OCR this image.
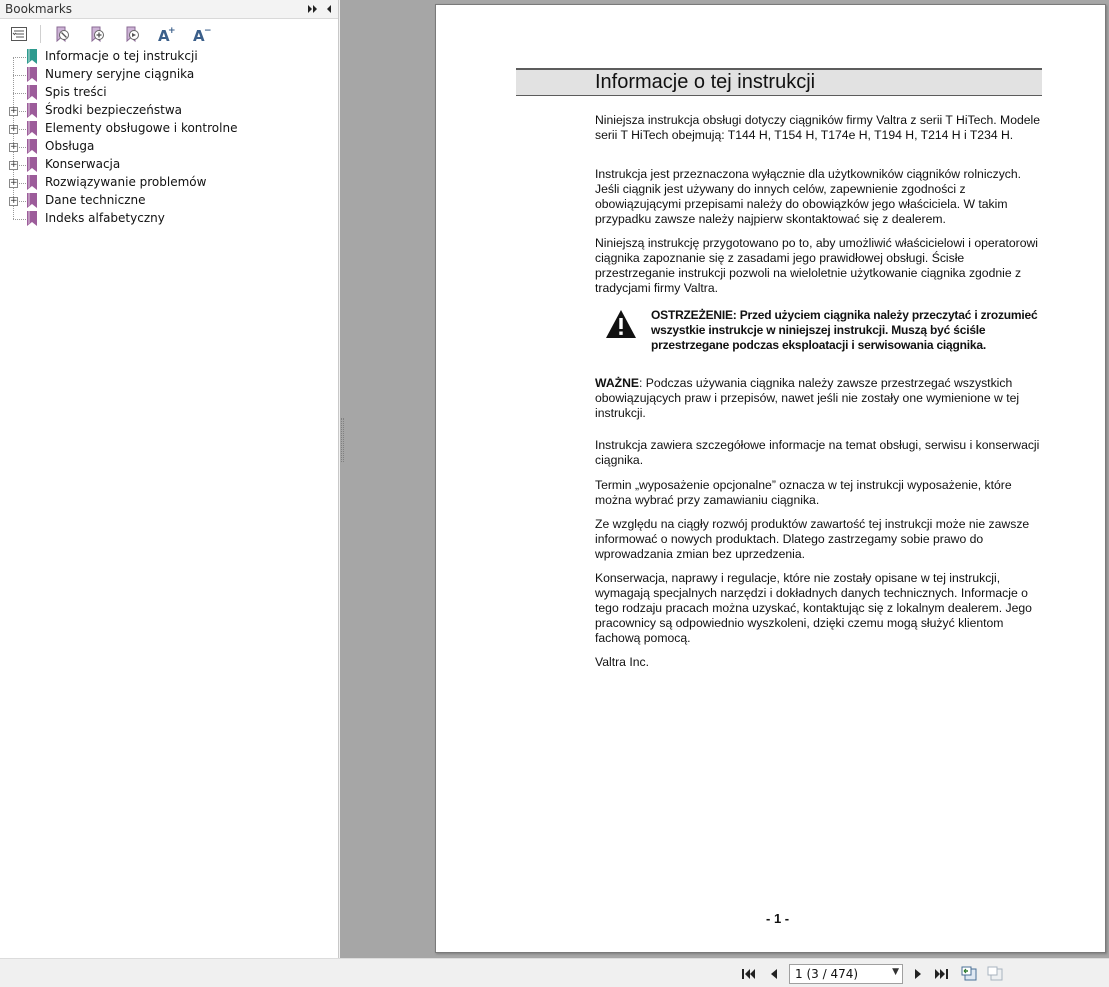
Bookmarks
A
+ A −
Informacje o tej instrukcji
Numery seryjne ciągnika
Spis treści
+ Środki bezpieczeństwa
+ Elementy obsługowe i kontrolne
+ Obsługa
+ Konserwacja
+ Rozwiązywanie problemów
+ Dane techniczne
Indeks alfabetyczny
Informacje o tej instrukcji
Niniejsza instrukcja obsługi dotyczy ciągników firmy Valtra z serii T HiTech. Modele serii T HiTech obejmują: T144 H, T154 H, T174e H, T194 H, T214 H i T234 H.
Instrukcja jest przeznaczona wyłącznie dla użytkowników ciągników rolniczych. Jeśli ciągnik jest używany do innych celów, zapewnienie zgodności z obowiązującymi przepisami należy do obowiązków jego właściciela. W takim przypadku zawsze należy najpierw skontaktować się z dealerem.
Niniejszą instrukcję przygotowano po to, aby umożliwić właścicielowi i operatorowi ciągnika zapoznanie się z zasadami jego prawidłowej obsługi. Ścisłe przestrzeganie instrukcji pozwoli na wieloletnie użytkowanie ciągnika zgodnie z tradycjami firmy Valtra.
OSTRZEŻENIE: Przed użyciem ciągnika należy przeczytać i zrozumieć wszystkie instrukcje w niniejszej instrukcji. Muszą być ściśle przestrzegane podczas eksploatacji i serwisowania ciągnika.
WAŻNE: Podczas używania ciągnika należy zawsze przestrzegać wszystkich obowiązujących praw i przepisów, nawet jeśli nie zostały one wymienione w tej instrukcji.
Instrukcja zawiera szczegółowe informacje na temat obsługi, serwisu i konserwacji ciągnika.
Termin „wyposażenie opcjonalne” oznacza w tej instrukcji wyposażenie, które można wybrać przy zamawianiu ciągnika.
Ze względu na ciągły rozwój produktów zawartość tej instrukcji może nie zawsze informować o nowych produktach. Dlatego zastrzegamy sobie prawo do wprowadzania zmian bez uprzedzenia.
Konserwacja, naprawy i regulacje, które nie zostały opisane w tej instrukcji, wymagają specjalnych narzędzi i dokładnych danych technicznych. Informacje o tego rodzaju pracach można uzyskać, kontaktując się z lokalnym dealerem. Jego pracownicy są odpowiednio wyszkoleni, dzięki czemu mogą służyć klientom fachową pomocą.
Valtra Inc.
- 1 -
1 (3 / 474)	▼
